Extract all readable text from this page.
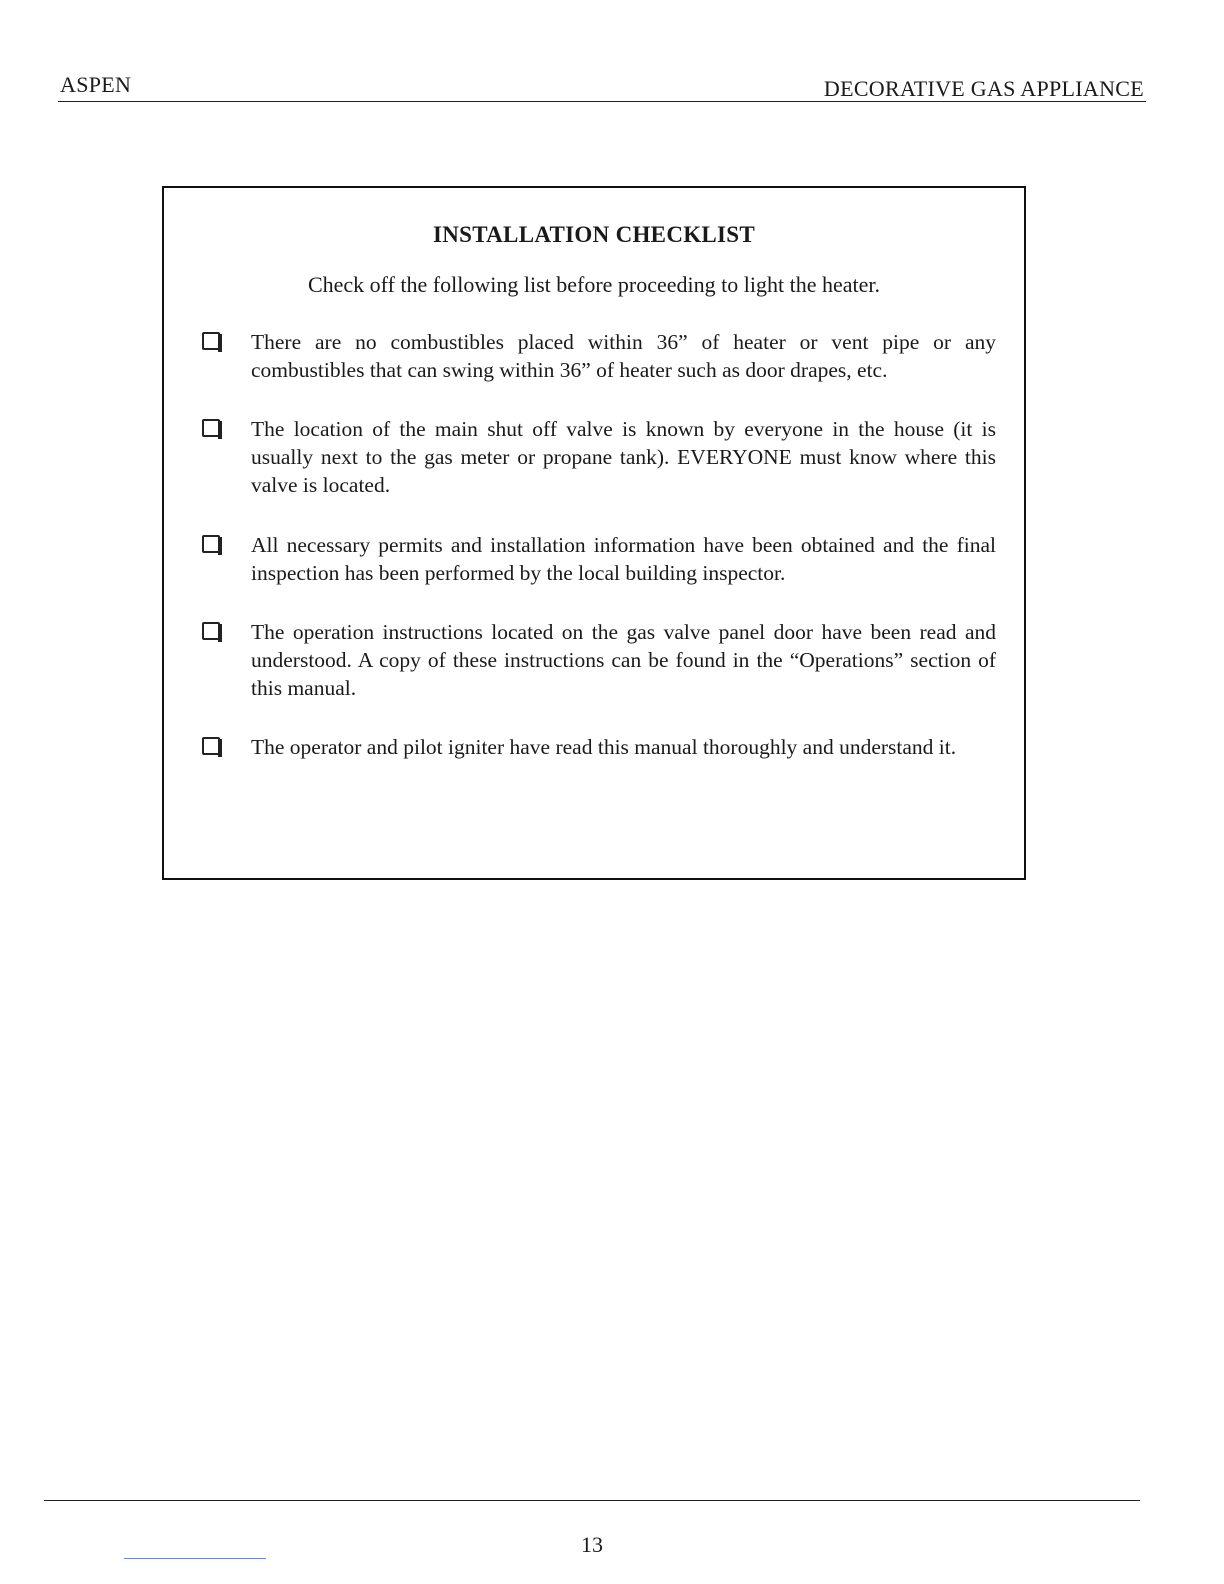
ASPEN	DECORATIVE GAS APPLIANCE
INSTALLATION CHECKLIST
Check off the following list before proceeding to light the heater.
There are no combustibles placed within 36” of heater or vent pipe or any combustibles that can swing within 36” of heater such as door drapes, etc.
The location of the main shut off valve is known by everyone in the house (it is usually next to the gas meter or propane tank). EVERYONE must know where this valve is located.
All necessary permits and installation information have been obtained and the final inspection has been performed by the local building inspector.
The operation instructions located on the gas valve panel door have been read and understood. A copy of these instructions can be found in the “Operations” section of this manual.
The operator and pilot igniter have read this manual thoroughly and understand it.
13
